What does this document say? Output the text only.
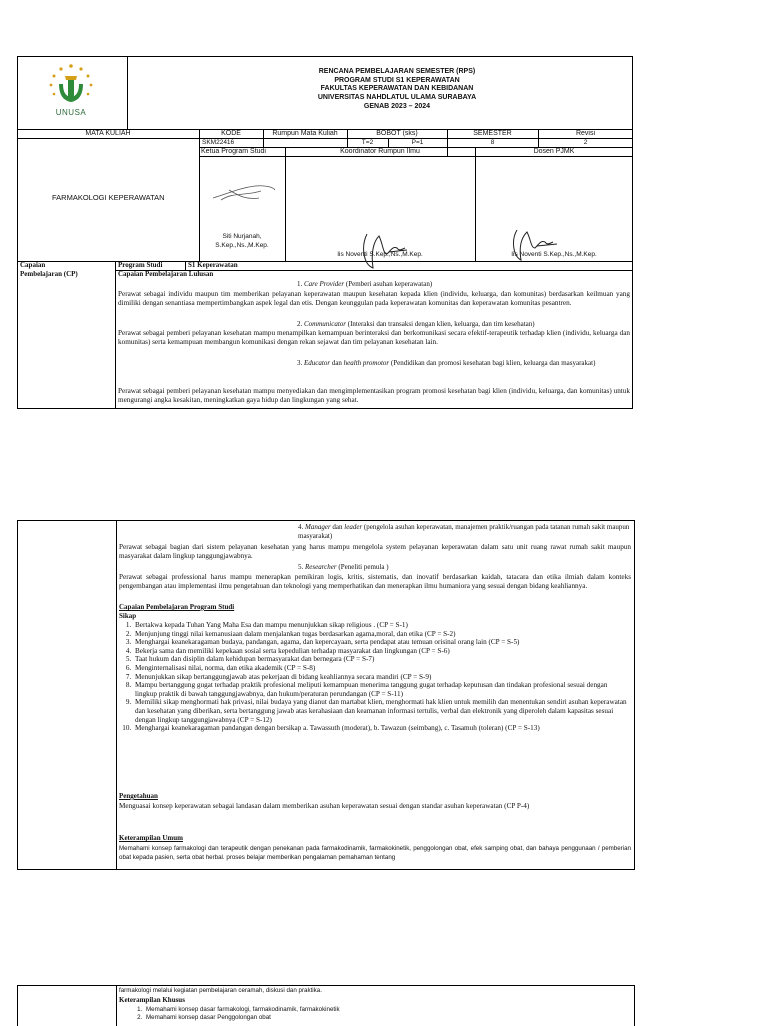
UNUSA
RENCANA PEMBELAJARAN SEMESTER (RPS)
PROGRAM STUDI S1 KEPERAWATAN
FAKULTAS KEPERAWATAN DAN KEBIDANAN
UNIVERSITAS NAHDLATUL ULAMA SURABAYA
GENAB 2023 – 2024
MATA KULIAH	KODE	Rumpun Mata Kuliah	BOBOT (sks)	SEMESTER	Revisi
SKM22416	T=2	P=1	8	2
Ketua Program Studi	Koordinator Rumpun Ilmu	Dosen PJMK
FARMAKOLOGI KEPERAWATAN
Siti Nurjanah,
S.Kep.,Ns.,M.Kep.
Iis Noventi S.Kep.,Ns.,M.Kep.	Iis Noventi S.Kep.,Ns.,M.Kep.
Capaian
Pembelajaran (CP)
Program Studi	S1 Keperawatan
Capaian Pembelajaran Lulusan
1. Care Provider (Pemberi asuhan keperawatan)
Perawat sebagai individu maupun tim memberikan pelayanan keperawatan maupun kesehatan kepada klien (individu, keluarga, dan komunitas) berdasarkan keilmuan yang dimiliki dengan senantiasa mempertimbangkan aspek legal dan etis. Dengan keunggulan pada keperawatan komunitas dan keperawatan komunitas pesantren.
2. Communicator (Interaksi dan transaksi dengan klien, keluarga, dan tim kesehatan)
Perawat sebagai pemberi pelayanan kesehatan mampu menampilkan kemampuan berinteraksi dan berkomunikasi secara efektif-terapeutik terhadap klien (individu, keluarga dan komunitas) serta kemampuan membangun komunikasi dengan rekan sejawat dan tim pelayanan kesehatan lain.
3. Educator dan health promotor (Pendidikan dan promosi kesehatan bagi klien, keluarga dan masyarakat)
Perawat sebagai pemberi pelayanan kesehatan mampu menyediakan dan mengimplementasikan program promosi kesehatan bagi klien (individu, keluarga, dan komunitas) untuk mengurangi angka kesakitan, meningkatkan gaya hidup dan lingkungan yang sehat.
4. Manager dan leader (pengelola asuhan keperawatan, manajemen praktik/ruangan pada tatanan rumah sakit maupun masyarakat)
Perawat sebagai bagian dari sistem pelayanan kesehatan yang harus mampu mengelola system pelayanan keperawatan dalam satu unit ruang rawat rumah sakit maupun masyarakat dalam lingkup tanggungjawabnya.
5. Researcher (Peneliti pemula )
Perawat sebagai professional harus mampu menerapkan pemikiran logis, kritis, sistematis, dan inovatif berdasarkan kaidah, tatacara dan etika ilmiah dalam konteks pengembangan atau implementasi ilmu pengetahuan dan teknologi yang memperhatikan dan menerapkan ilmu humaniora yang sesuai dengan bidang keahliannya.
Capaian Pembelajaran Program Studi
Sikap
1. Bertakwa kepada Tuhan Yang Maha Esa dan mampu menunjukkan sikap religious . (CP = S-1)
2. Menjunjung tinggi nilai kemanusiaan dalam menjalankan tugas berdasarkan agama,moral, dan etika (CP = S-2)
3. Menghargai keanekaragaman budaya, pandangan, agama, dan kepercayaan, serta pendapat atau temuan orisinal orang lain (CP = S-5)
4. Bekerja sama dan memiliki kepekaan sosial serta kepedulian terhadap masyarakat dan lingkungan (CP = S-6)
5. Taat hukum dan disiplin dalam kehidupan bermasyarakat dan bernegara (CP = S-7)
6. Menginternalisasi nilai, norma, dan etika akademik (CP = S-8)
7. Menunjukkan sikap bertanggungjawab atas pekerjaan di bidang keahliannya secara mandiri (CP = S-9)
8. Mampu bertanggung gugat terhadap praktik profesional meliputi kemampuan menerima tanggung gugat terhadap keputusan dan tindakan profesional sesuai dengan lingkup praktik di bawah tanggungjawabnya, dan hukum/peraturan perundangan (CP = S-11)
9. Memiliki sikap menghormati hak privasi, nilai budaya yang dianut dan martabat klien, menghormati hak klien untuk memilih dan menentukan sendiri asuhan keperawatan dan kesehatan yang diberikan, serta bertanggung jawab atas kerahasiaan dan keamanan informasi tertulis, verbal dan elektronik yang diperoleh dalam kapasitas sesuai dengan lingkup tanggungjawabnya (CP = S-12)
10. Menghargai keanekaragaman pandangan dengan bersikap a. Tawassuth (moderat), b. Tawazun (seimbang), c. Tasamuh (toleran) (CP = S-13)
Pengetahuan
Menguasai konsep keperawatan sebagai landasan dalam memberikan asuhan keperawatan sesuai dengan standar asuhan keperawatan (CP P-4)
Keterampilan Umum
Memahami konsep farmakologi dan terapeutik dengan penekanan pada farmakodinamik, farmakokinetik, penggolongan obat, efek samping obat, dan bahaya penggunaan / pemberian obat kepada pasien, serta obat herbal. proses belajar memberikan pengalaman pemahaman tentang
farmakologi melalui kegiatan pembelajaran ceramah, diskusi dan praktika.
Keterampilan Khusus
1. Memahami konsep dasar farmakologi, farmakodinamik, farmakokinetik
2. Memahami konsep dasar Penggolongan obat
